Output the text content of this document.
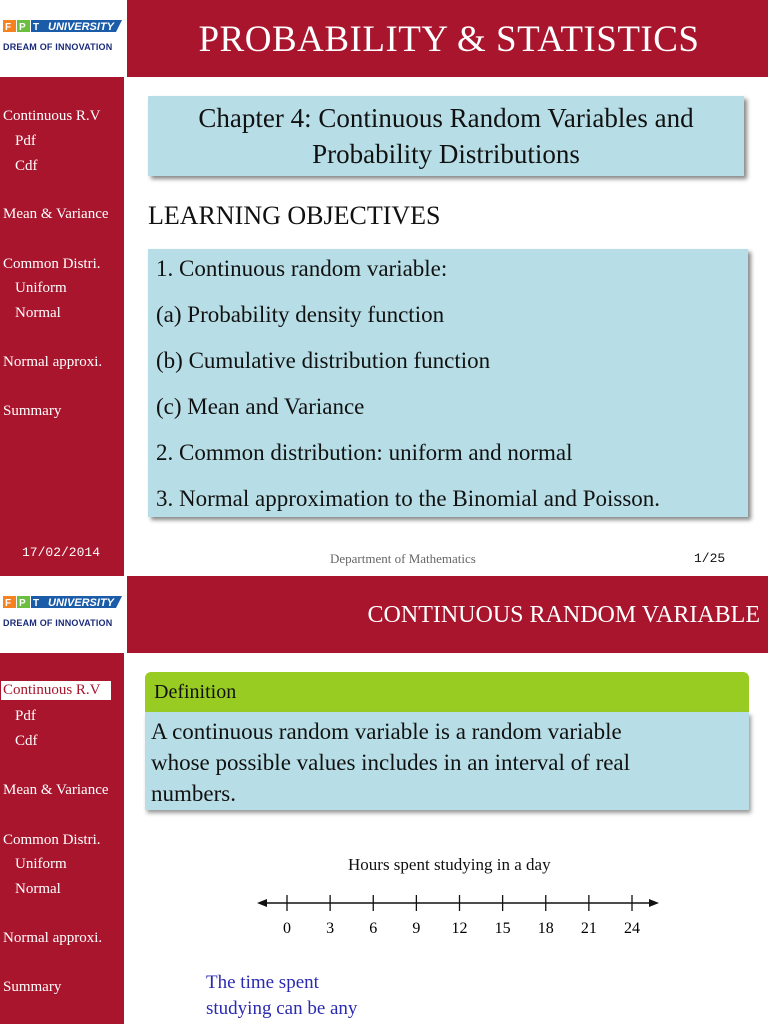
F P T UNIVERSITY
DREAM OF INNOVATION	PROBABILITY & STATISTICS
Continuous R.V
Pdf
Cdf
Mean & Variance
Common Distri.
Uniform
Normal
Normal approxi.
Summary
Chapter 4: Continuous Random Variables and
Probability Distributions
LEARNING OBJECTIVES
1. Continuous random variable:
(a) Probability density function
(b) Cumulative distribution function
(c) Mean and Variance
2. Common distribution: uniform and normal
3. Normal approximation to the Binomial and Poisson.
17/02/2014	Department of Mathematics	1/25
F P T UNIVERSITY
DREAM OF INNOVATION	CONTINUOUS RANDOM VARIABLE
Continuous R.V
Pdf
Cdf
Mean & Variance
Common Distri.
Uniform
Normal
Normal approxi.
Summary
Definition
A continuous random variable is a random variable
whose possible values includes in an interval of real
numbers.
Hours spent studying in a day
0 3 6 9 12 15 18 21 24
The time spent
studying can be any
